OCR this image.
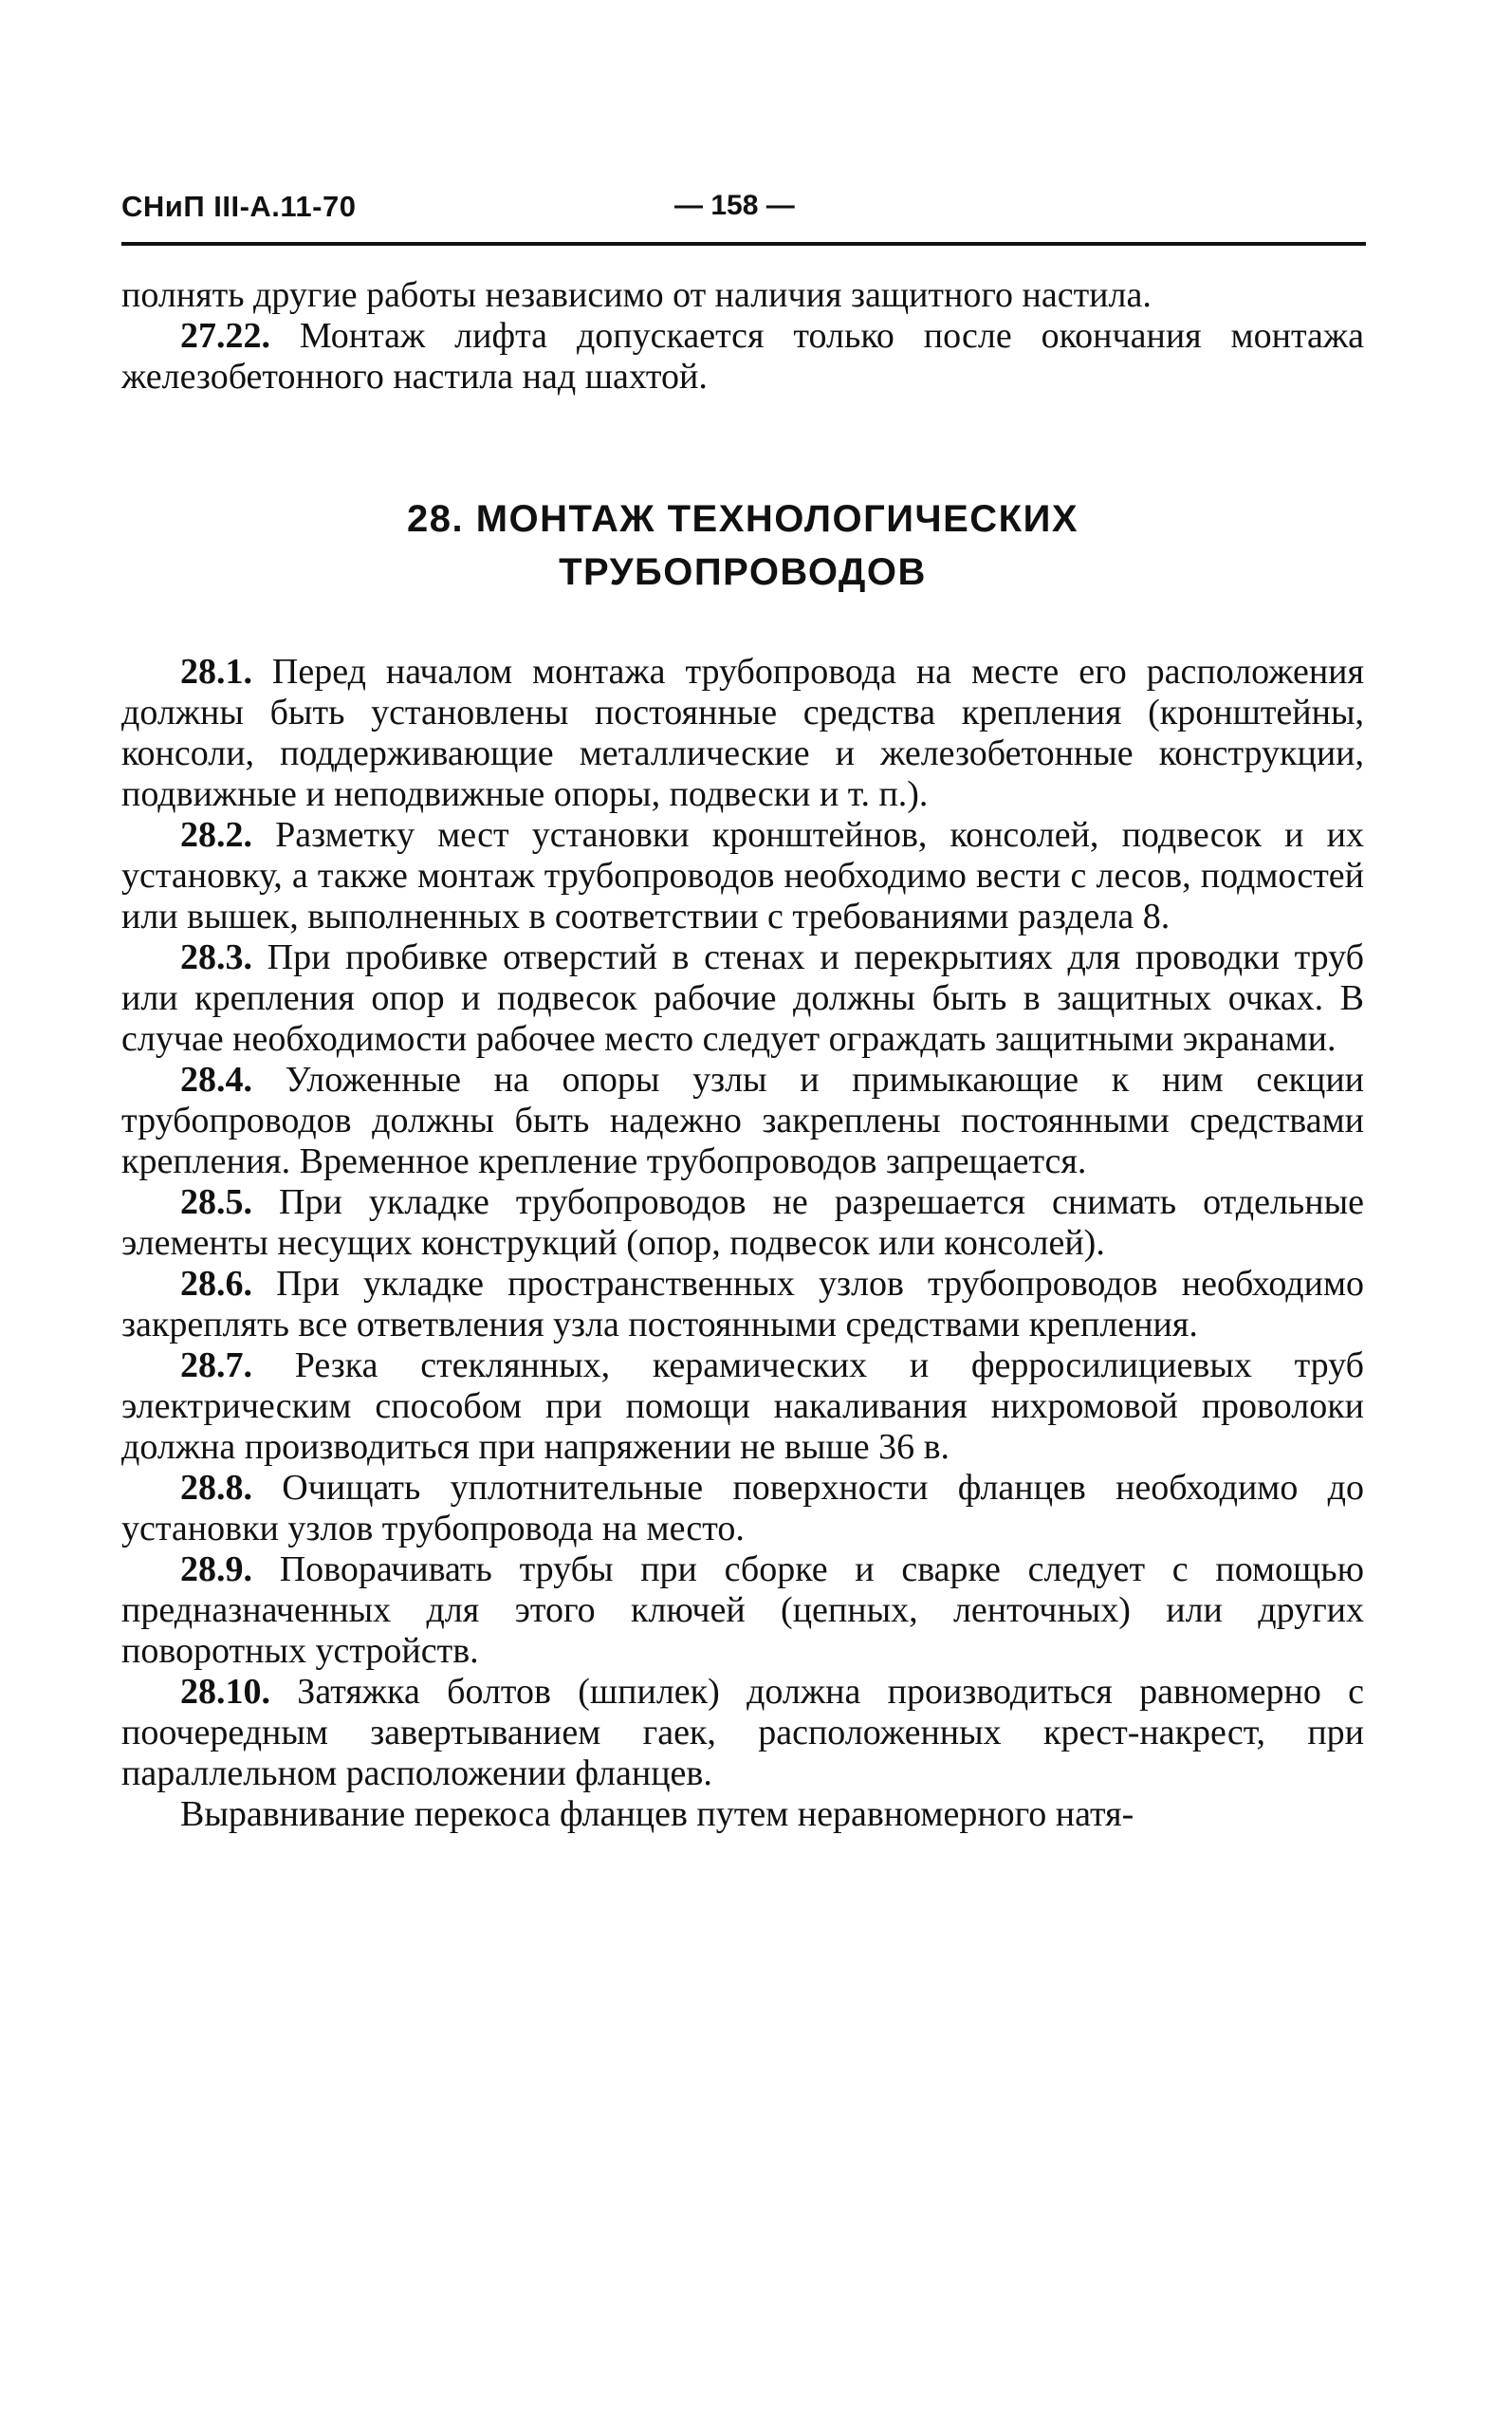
СНиП III-А.11-70	— 158 —

полнять другие работы независимо от наличия защитного настила.

27.22. Монтаж лифта допускается только после окончания монтажа железобетонного настила над шахтой.

28. МОНТАЖ ТЕХНОЛОГИЧЕСКИХ
ТРУБОПРОВОДОВ

28.1. Перед началом монтажа трубопровода на месте его расположения должны быть установлены постоянные средства крепления (кронштейны, консоли, поддерживающие металлические и железобетонные конструкции, подвижные и неподвижные опоры, подвески и т. п.).

28.2. Разметку мест установки кронштейнов, консолей, подвесок и их установку, а также монтаж трубопроводов необходимо вести с лесов, подмостей или вышек, выполненных в соответствии с требованиями раздела 8.

28.3. При пробивке отверстий в стенах и перекрытиях для проводки труб или крепления опор и подвесок рабочие должны быть в защитных очках. В случае необходимости рабочее место следует ограждать защитными экранами.

28.4. Уложенные на опоры узлы и примыкающие к ним секции трубопроводов должны быть надежно закреплены постоянными средствами крепления. Временное крепление трубопроводов запрещается.

28.5. При укладке трубопроводов не разрешается снимать отдельные элементы несущих конструкций (опор, подвесок или консолей).

28.6. При укладке пространственных узлов трубопроводов необходимо закреплять все ответвления узла постоянными средствами крепления.

28.7. Резка стеклянных, керамических и ферросилициевых труб электрическим способом при помощи накаливания нихромовой проволоки должна производиться при напряжении не выше 36 в.

28.8. Очищать уплотнительные поверхности фланцев необходимо до установки узлов трубопровода на место.

28.9. Поворачивать трубы при сборке и сварке следует с помощью предназначенных для этого ключей (цепных, ленточных) или других поворотных устройств.

28.10. Затяжка болтов (шпилек) должна производиться равномерно с поочередным завертыванием гаек, расположенных крест-накрест, при параллельном расположении фланцев.

Выравнивание перекоса фланцев путем неравномерного натя-
